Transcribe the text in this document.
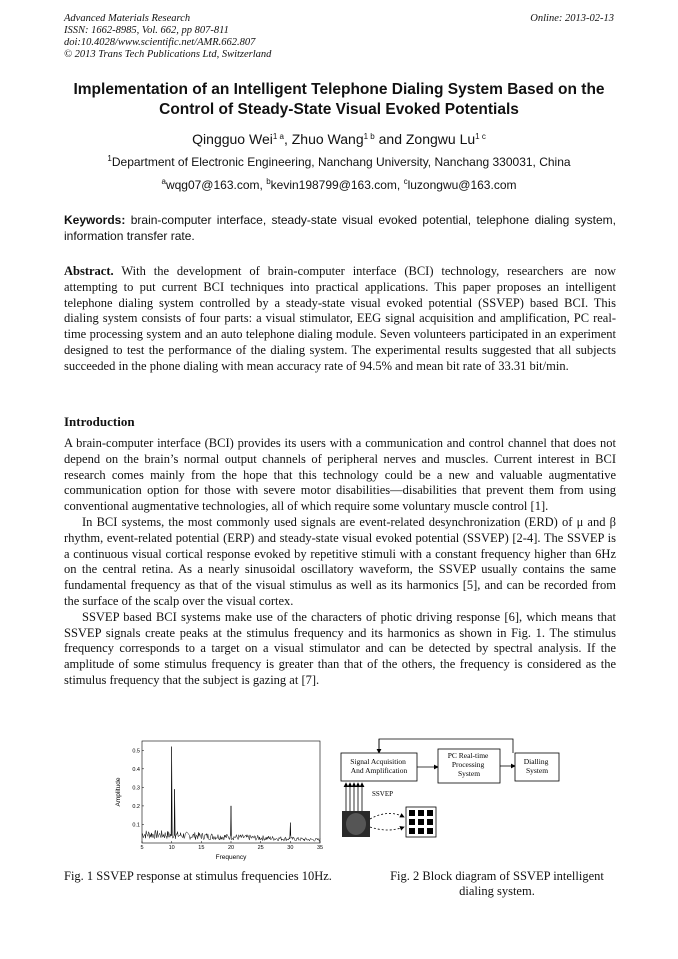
Advanced Materials Research
ISSN: 1662-8985, Vol. 662, pp 807-811
doi:10.4028/www.scientific.net/AMR.662.807
© 2013 Trans Tech Publications Ltd, Switzerland
Online: 2013-02-13
Implementation of an Intelligent Telephone Dialing System Based on the Control of Steady-State Visual Evoked Potentials
Qingguo Wei$^{1 a}$, Zhuo Wang$^{1 b}$ and Zongwu $Lu^{1 c}$
$^1$Department of Electronic Engineering, Nanchang University, Nanchang 330031, China
$^a$wqg07@163.com, $^b$kevin198799@163.com, $^c$luzongwu@163.com
Keywords: brain-computer interface, steady-state visual evoked potential, telephone dialing system, information transfer rate.
Abstract. With the development of brain-computer interface (BCI) technology, researchers are now attempting to put current BCI techniques into practical applications. This paper proposes an intelligent telephone dialing system controlled by a steady-state visual evoked potential (SSVEP) based BCI. This dialing system consists of four parts: a visual stimulator, EEG signal acquisition and amplification, PC real-time processing system and an auto telephone dialing module. Seven volunteers participated in an experiment designed to test the performance of the dialing system. The experimental results suggested that all subjects succeeded in the phone dialing with mean accuracy rate of 94.5% and mean bit rate of 33.31 bit/min.
Introduction

A brain-computer interface (BCI) provides its users with a communication and control channel that does not depend on the brain’s normal output channels of peripheral nerves and muscles. Current interest in BCI research comes mainly from the hope that this technology could be a new and valuable augmentative communication option for those with severe motor disabilities—disabilities that prevent them from using conventional augmentative technologies, all of which require some voluntary muscle control [1].

In BCI systems, the most commonly used signals are event-related desynchronization (ERD) of μ and β rhythm, event-related potential (ERP) and steady-state visual evoked potential (SSVEP) [2-4]. The SSVEP is a continuous visual cortical response evoked by repetitive stimuli with a constant frequency higher than 6Hz on the central retina. As a nearly sinusoidal oscillatory waveform, the SSVEP usually contains the same fundamental frequency as that of the visual stimulus as well as its harmonics [5], and can be recorded from the surface of the scalp over the visual cortex.

SSVEP based BCI systems make use of the characters of photic driving response [6], which means that SSVEP signals create peaks at the stimulus frequency and its harmonics as shown in Fig. 1. The stimulus frequency corresponds to a target on a visual stimulator and can be detected by spectral analysis. If the amplitude of some stimulus frequency is greater than that of the others, the frequency is considered as the stimulus frequency that the subject is gazing at [7].

5	10	15	20	25	30	35
0.1
0.2
0.3
0.4
0.5
Frequency
Amplitude
Signal Acquisition And Amplification
PC Real-time Processing System
Dialling System
SSVEP
Fig. 1 SSVEP response at stimulus frequencies 10Hz.	Fig. 2 Block diagram of SSVEP intelligent dialing system.
